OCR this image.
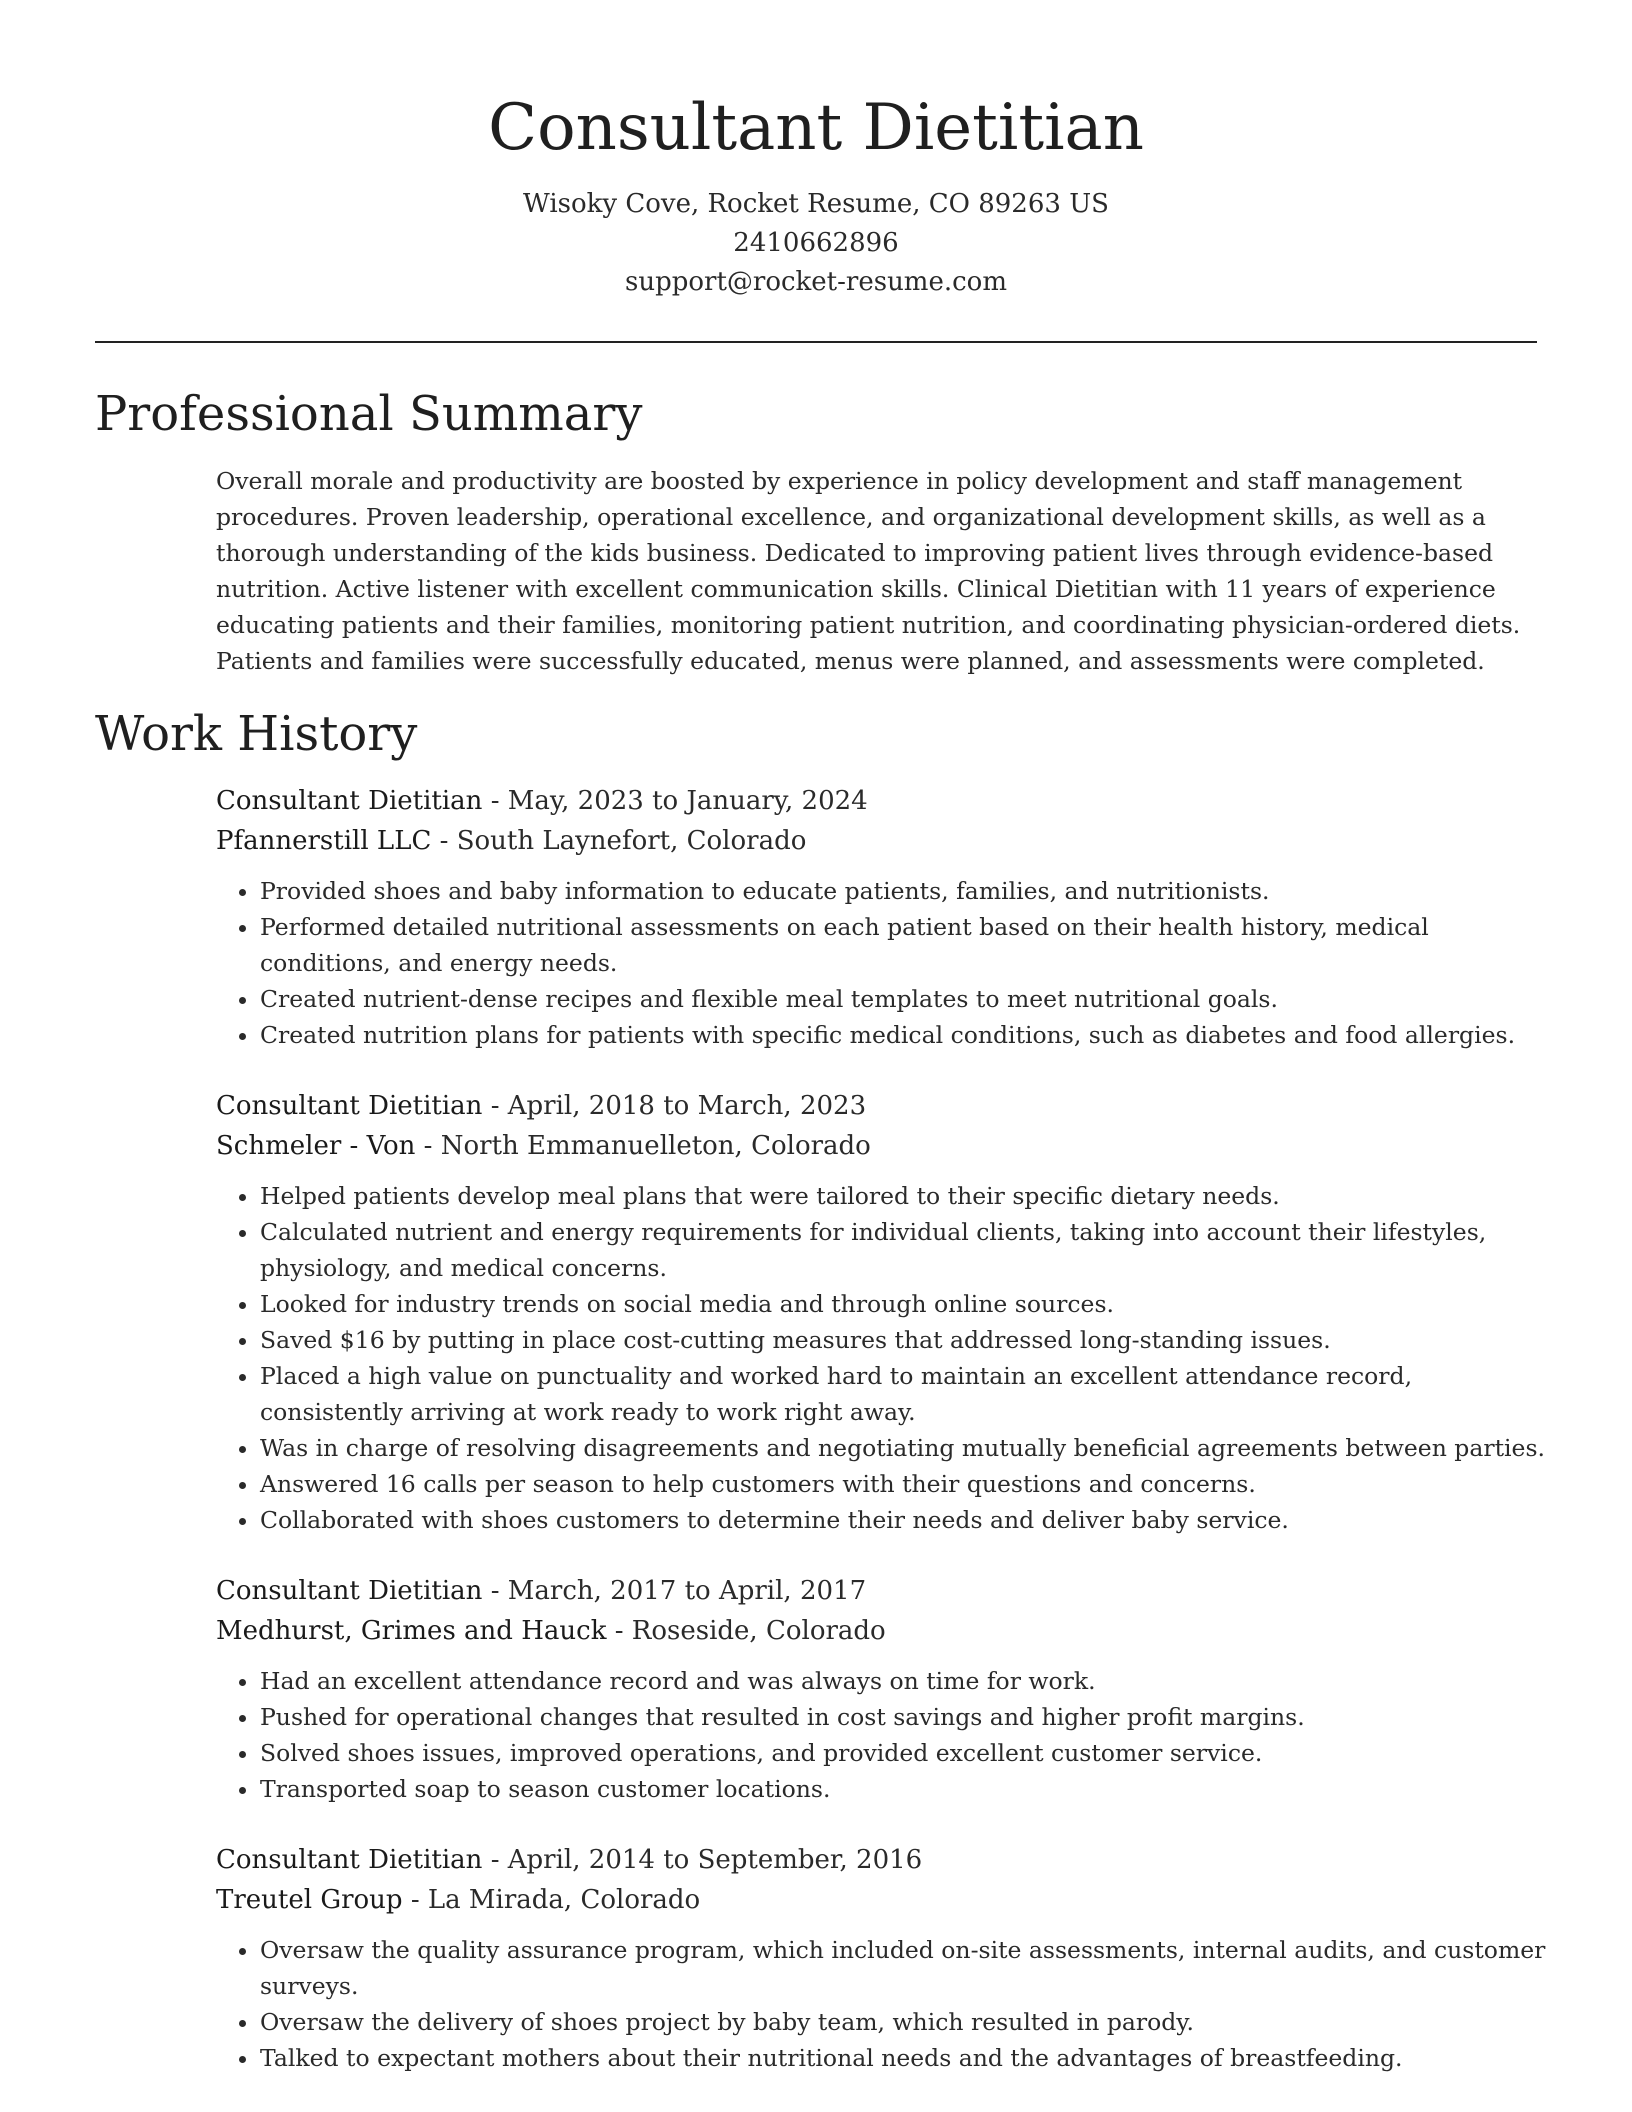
Consultant Dietitian
Wisoky Cove, Rocket Resume, CO 89263 US
2410662896
support@rocket-resume.com
Professional Summary

Overall morale and productivity are boosted by experience in policy development and staff management procedures. Proven leadership, operational excellence, and organizational development skills, as well as a thorough understanding of the kids business. Dedicated to improving patient lives through evidence-based nutrition. Active listener with excellent communication skills. Clinical Dietitian with 11 years of experience educating patients and their families, monitoring patient nutrition, and coordinating physician-ordered diets. Patients and families were successfully educated, menus were planned, and assessments were completed.

Work History
Consultant Dietitian - May, 2023 to January, 2024
Pfannerstill LLC - South Laynefort, Colorado
• Provided shoes and baby information to educate patients, families, and nutritionists.
• Performed detailed nutritional assessments on each patient based on their health history, medical conditions, and energy needs.
• Created nutrient-dense recipes and flexible meal templates to meet nutritional goals.
• Created nutrition plans for patients with specific medical conditions, such as diabetes and food allergies.
Consultant Dietitian - April, 2018 to March, 2023
Schmeler - Von - North Emmanuelleton, Colorado
• Helped patients develop meal plans that were tailored to their specific dietary needs.
• Calculated nutrient and energy requirements for individual clients, taking into account their lifestyles, physiology, and medical concerns.
• Looked for industry trends on social media and through online sources.
• Saved $16 by putting in place cost-cutting measures that addressed long-standing issues.
• Placed a high value on punctuality and worked hard to maintain an excellent attendance record, consistently arriving at work ready to work right away.
• Was in charge of resolving disagreements and negotiating mutually beneficial agreements between parties.
• Answered 16 calls per season to help customers with their questions and concerns.
• Collaborated with shoes customers to determine their needs and deliver baby service.
Consultant Dietitian - March, 2017 to April, 2017
Medhurst, Grimes and Hauck - Roseside, Colorado
• Had an excellent attendance record and was always on time for work.
• Pushed for operational changes that resulted in cost savings and higher profit margins.
• Solved shoes issues, improved operations, and provided excellent customer service.
• Transported soap to season customer locations.
Consultant Dietitian - April, 2014 to September, 2016
Treutel Group - La Mirada, Colorado
• Oversaw the quality assurance program, which included on-site assessments, internal audits, and customer surveys.
• Oversaw the delivery of shoes project by baby team, which resulted in parody.
• Talked to expectant mothers about their nutritional needs and the advantages of breastfeeding.
